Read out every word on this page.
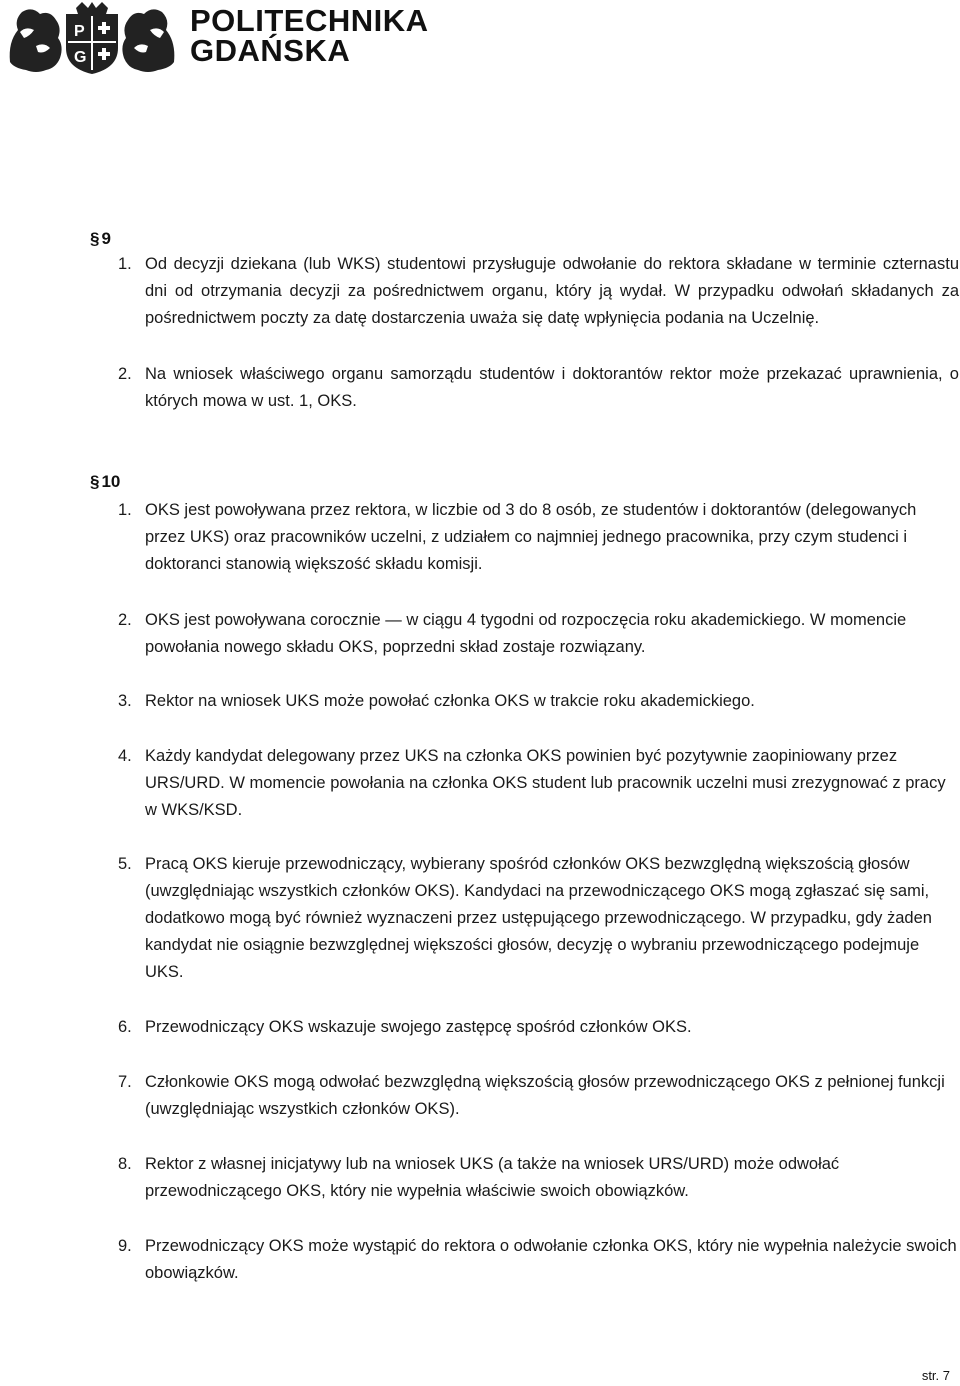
P
G
POLITECHNIKA
GDAŃSKA
§ 9
1. Od decyzji dziekana (lub WKS) studentowi przysługuje odwołanie do rektora składane w terminie czternastu dni od otrzymania decyzji za pośrednictwem organu, który ją wydał. W przypadku odwołań składanych za pośrednictwem poczty za datę dostarczenia uważa się datę wpłynięcia podania na Uczelnię.
2. Na wniosek właściwego organu samorządu studentów i doktorantów rektor może przekazać uprawnienia, o których mowa w ust. 1, OKS.
§ 10
1. OKS jest powoływana przez rektora, w liczbie od 3 do 8 osób, ze studentów i doktorantów (delegowanych przez UKS) oraz pracowników uczelni, z udziałem co najmniej jednego pracownika, przy czym studenci i doktoranci stanowią większość składu komisji.
2. OKS jest powoływana corocznie — w ciągu 4 tygodni od rozpoczęcia roku akademickiego. W momencie powołania nowego składu OKS, poprzedni skład zostaje rozwiązany.
3. Rektor na wniosek UKS może powołać członka OKS w trakcie roku akademickiego.
4. Każdy kandydat delegowany przez UKS na członka OKS powinien być pozytywnie zaopiniowany przez URS/URD. W momencie powołania na członka OKS student lub pracownik uczelni musi zrezygnować z pracy w WKS/KSD.
5. Pracą OKS kieruje przewodniczący, wybierany spośród członków OKS bezwzględną większością głosów (uwzględniając wszystkich członków OKS). Kandydaci na przewodniczącego OKS mogą zgłaszać się sami, dodatkowo mogą być również wyznaczeni przez ustępującego przewodniczącego. W przypadku, gdy żaden kandydat nie osiągnie bezwzględnej większości głosów, decyzję o wybraniu przewodniczącego podejmuje UKS.
6. Przewodniczący OKS wskazuje swojego zastępcę spośród członków OKS.
7. Członkowie OKS mogą odwołać bezwzględną większością głosów przewodniczącego OKS z pełnionej funkcji (uwzględniając wszystkich członków OKS).
8. Rektor z własnej inicjatywy lub na wniosek UKS (a także na wniosek URS/URD) może odwołać przewodniczącego OKS, który nie wypełnia właściwie swoich obowiązków.
9. Przewodniczący OKS może wystąpić do rektora o odwołanie członka OKS, który nie wypełnia należycie swoich obowiązków.
str. 7
